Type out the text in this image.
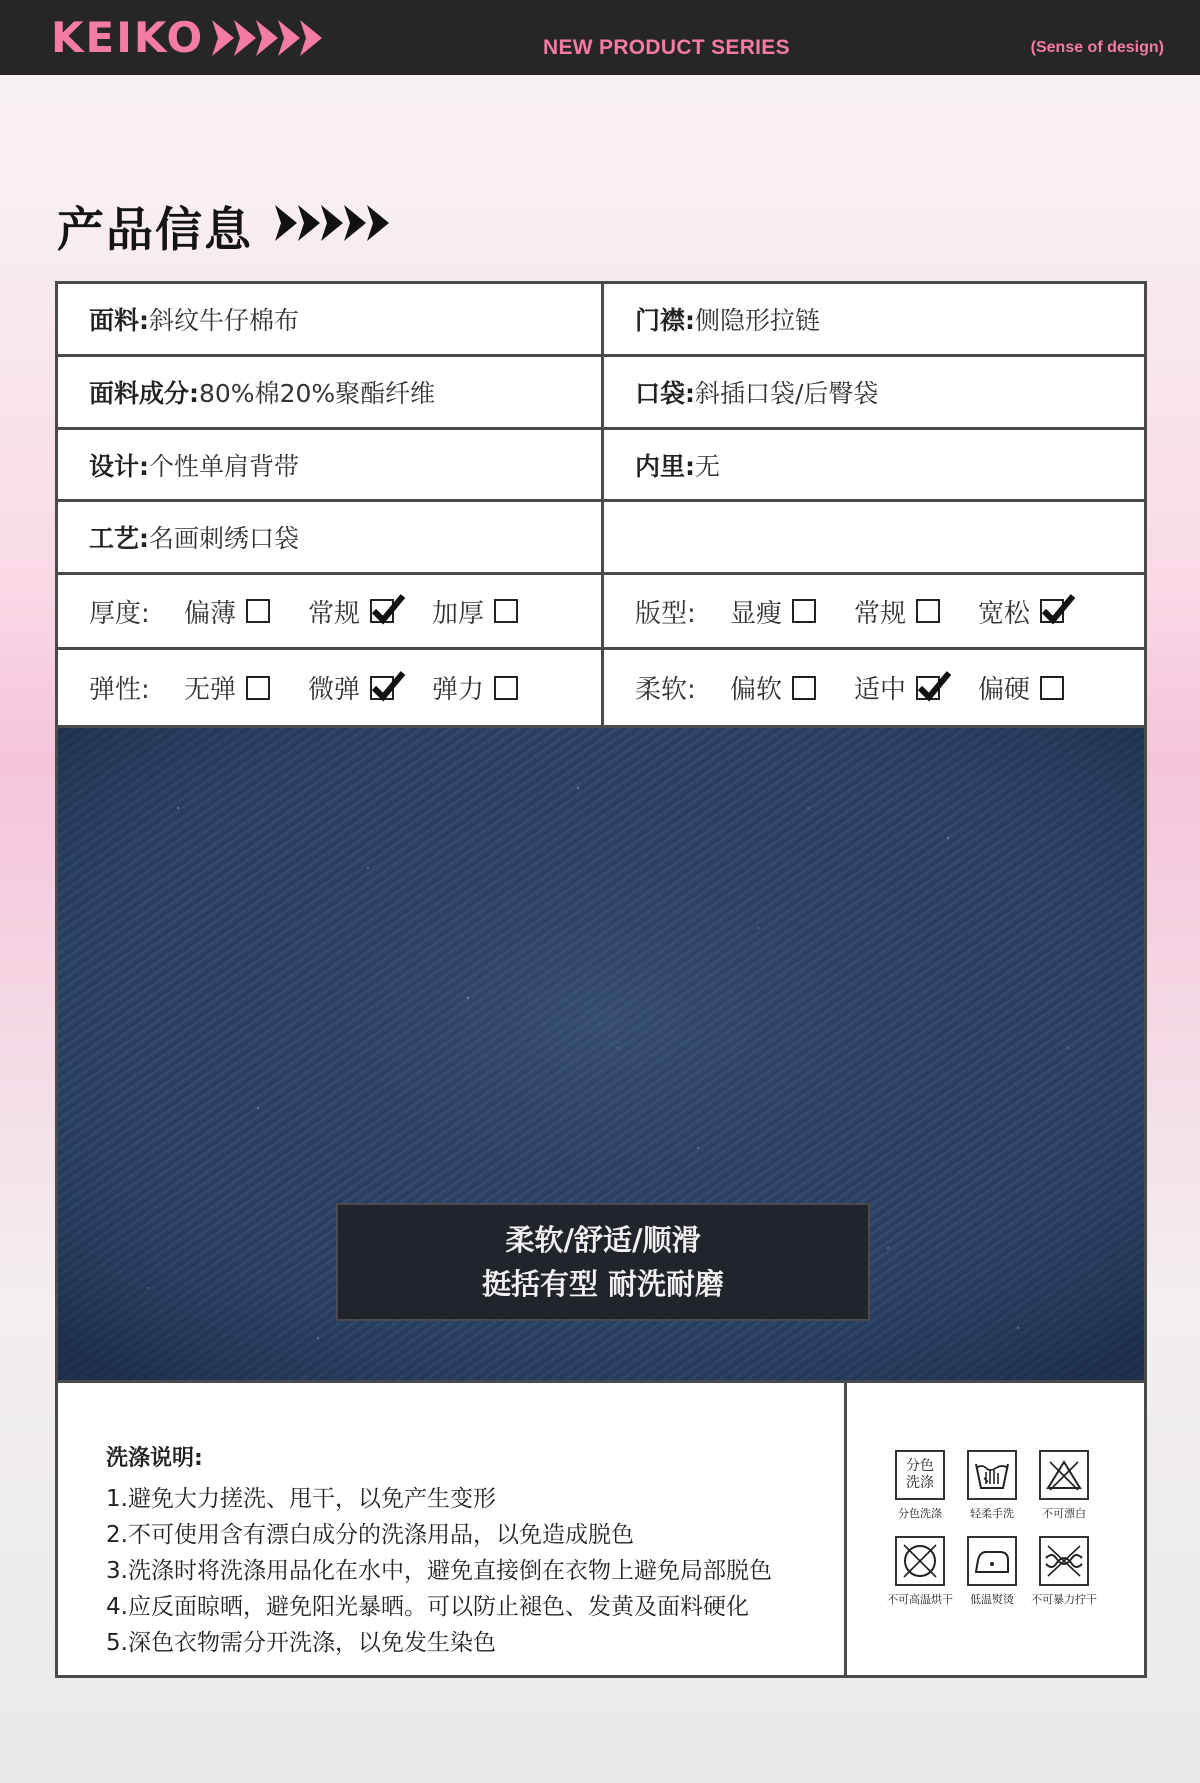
KEIKO	NEW PRODUCT SERIES	(Sense of design)
产品信息
面料: 斜纹牛仔棉布	门襟: 侧隐形拉链
面料成分: 80%棉20%聚酯纤维	口袋: 斜插口袋/后臀袋
设计: 个性单肩背带	内里: 无
工艺: 名画刺绣口袋
厚度:	偏薄	常规	加厚	版型:	显瘦	常规	宽松
弹性:	无弹	微弹	弹力	柔软:	偏软	适中	偏硬
柔软/舒适/顺滑
挺括有型 耐洗耐磨
洗涤说明:
1.避免大力搓洗、甩干，以免产生变形
2.不可使用含有漂白成分的洗涤用品，以免造成脱色
3.洗涤时将洗涤用品化在水中，避免直接倒在衣物上避免局部脱色
4.应反面晾晒，避免阳光暴晒。可以防止褪色、发黄及面料硬化
5.深色衣物需分开洗涤，以免发生染色
分色
洗涤
分色洗涤	轻柔手洗	不可漂白
不可高温烘干	低温熨烫	不可暴力拧干
